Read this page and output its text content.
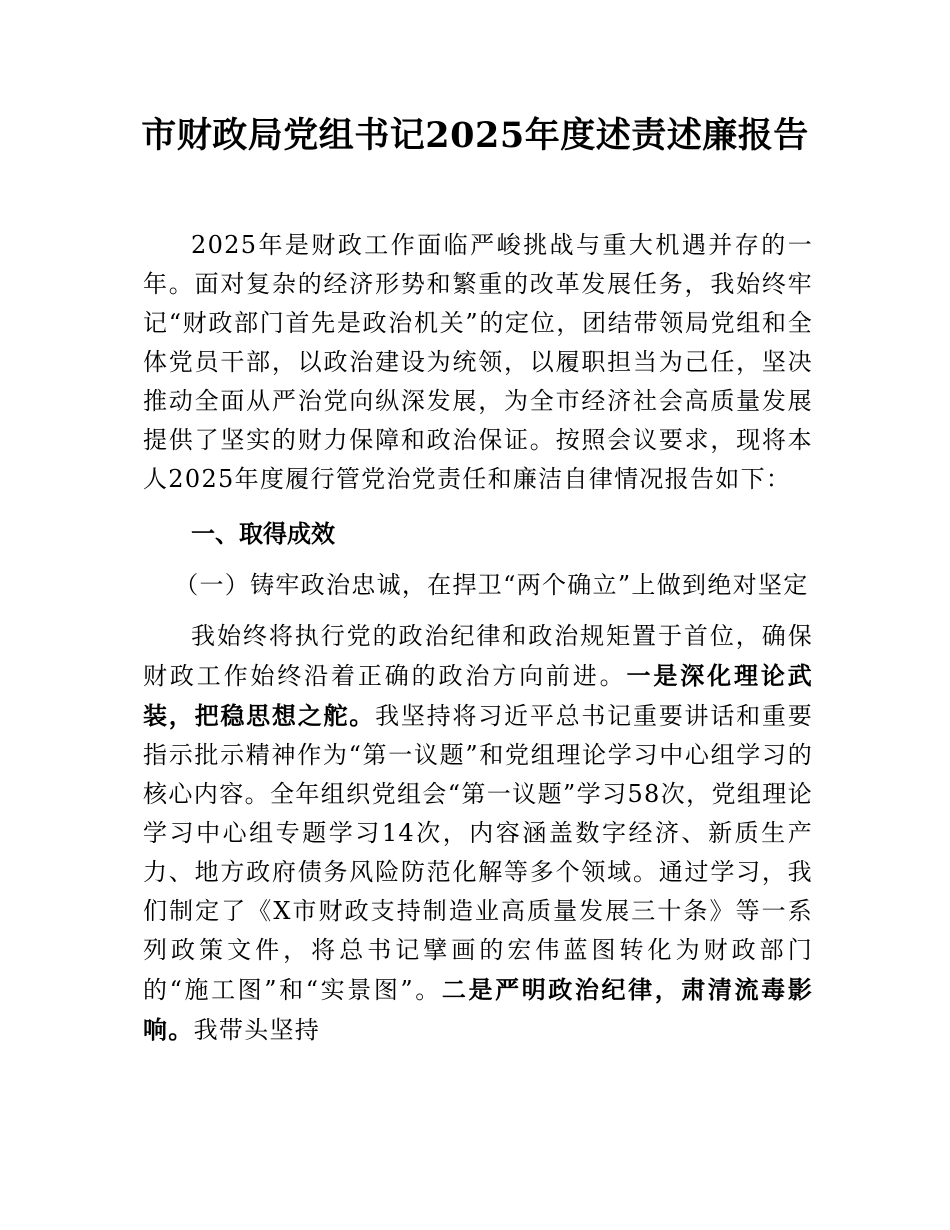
市财政局党组书记2025年度述责述廉报告

2025年是财政工作面临严峻挑战与重大机遇并存的一年。面对复杂的经济形势和繁重的改革发展任务，我始终牢记“财政部门首先是政治机关”的定位，团结带领局党组和全体党员干部，以政治建设为统领，以履职担当为己任，坚决推动全面从严治党向纵深发展，为全市经济社会高质量发展提供了坚实的财力保障和政治保证。按照会议要求，现将本人2025年度履行管党治党责任和廉洁自律情况报告如下：

一、取得成效
（一）铸牢政治忠诚，在捍卫“两个确立”上做到绝对坚定

我始终将执行党的政治纪律和政治规矩置于首位，确保财政工作始终沿着正确的政治方向前进。一是深化理论武装，把稳思想之舵。我坚持将习近平总书记重要讲话和重要指示批示精神作为“第一议题”和党组理论学习中心组学习的核心内容。全年组织党组会“第一议题”学习58次，党组理论学习中心组专题学习14次，内容涵盖数字经济、新质生产力、地方政府债务风险防范化解等多个领域。通过学习，我们制定了《X市财政支持制造业高质量发展三十条》等一系列政策文件，将总书记擘画的宏伟蓝图转化为财政部门的“施工图”和“实景图”。二是严明政治纪律，肃清流毒影响。我带头坚持
